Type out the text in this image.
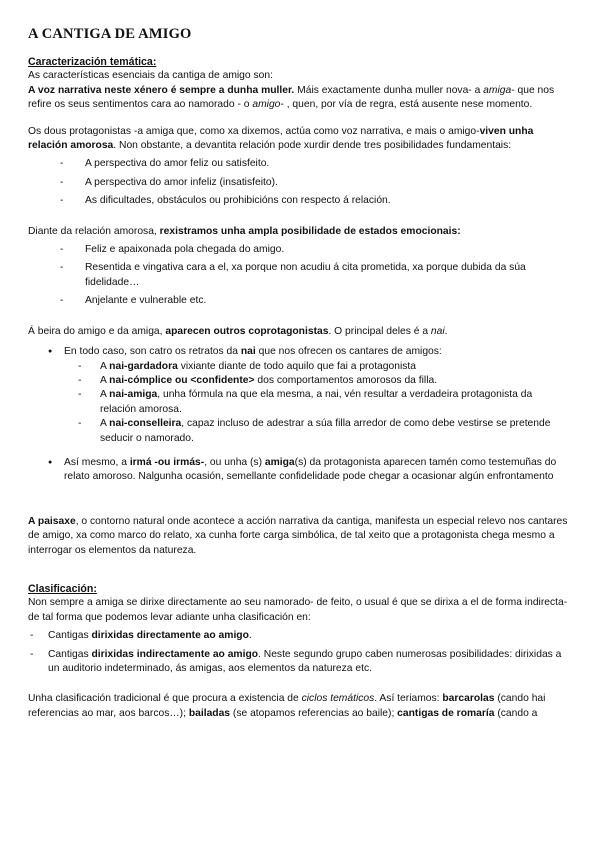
A CANTIGA DE AMIGO

Caracterización temática:

As características esenciais da cantiga de amigo son:

A voz narrativa neste xénero é sempre a dunha muller. Máis exactamente dunha muller nova- a amiga- que nos refire os seus sentimentos cara ao namorado - o amigo- , quen, por vía de regra, está ausente nese momento.

Os dous protagonistas -a amiga que, como xa dixemos, actúa como voz narrativa, e mais o amigo-viven unha relación amorosa. Non obstante, a devantita relación pode xurdir dende tres posibilidades fundamentais:

- A perspectiva do amor feliz ou satisfeito.
- A perspectiva do amor infeliz (insatisfeito).
- As dificultades, obstáculos ou prohibicións con respecto á relación.

Diante da relación amorosa, rexistramos unha ampla posibilidade de estados emocionais:

- Feliz e apaixonada pola chegada do amigo.
- Resentida e vingativa cara a el, xa porque non acudiu á cita prometida, xa porque dubida da súa fidelidade…
- Anjelante e vulnerable etc.

Á beira do amigo e da amiga, aparecen outros coprotagonistas. O principal deles é a nai.

● En todo caso, son catro os retratos da nai que nos ofrecen os cantares de amigos:
- A nai-gardadora vixiante diante de todo aquilo que fai a protagonista
- A nai-cómplice ou <confidente> dos comportamentos amorosos da filla.
- A nai-amiga, unha fórmula na que ela mesma, a nai, vén resultar a verdadeira protagonista da relación amorosa.
- A nai-conselleira, capaz incluso de adestrar a súa filla arredor de como debe vestirse se pretende seducir o namorado.
● Así mesmo, a irmá -ou irmás-, ou unha (s) amiga(s) da protagonista aparecen tamén como testemuñas do relato amoroso. Nalgunha ocasión, semellante confidelidade pode chegar a ocasionar algún enfrontamento

A paisaxe, o contorno natural onde acontece a acción narrativa da cantiga, manifesta un especial relevo nos cantares de amigo, xa como marco do relato, xa cunha forte carga simbólica, de tal xeito que a protagonista chega mesmo a interrogar os elementos da natureza.

Clasificación:

Non sempre a amiga se dirixe directamente ao seu namorado- de feito, o usual é que se dirixa a el de forma indirecta- de tal forma que podemos levar adiante unha clasificación en:

- Cantigas dirixidas directamente ao amigo.
- Cantigas dirixidas indirectamente ao amigo. Neste segundo grupo caben numerosas posibilidades: dirixidas a un auditorio indeterminado, ás amigas, aos elementos da natureza etc.

Unha clasificación tradicional é que procura a existencia de ciclos temáticos. Así teriamos: barcarolas (cando hai referencias ao mar, aos barcos…); bailadas (se atopamos referencias ao baile); cantigas de romaría (cando a
